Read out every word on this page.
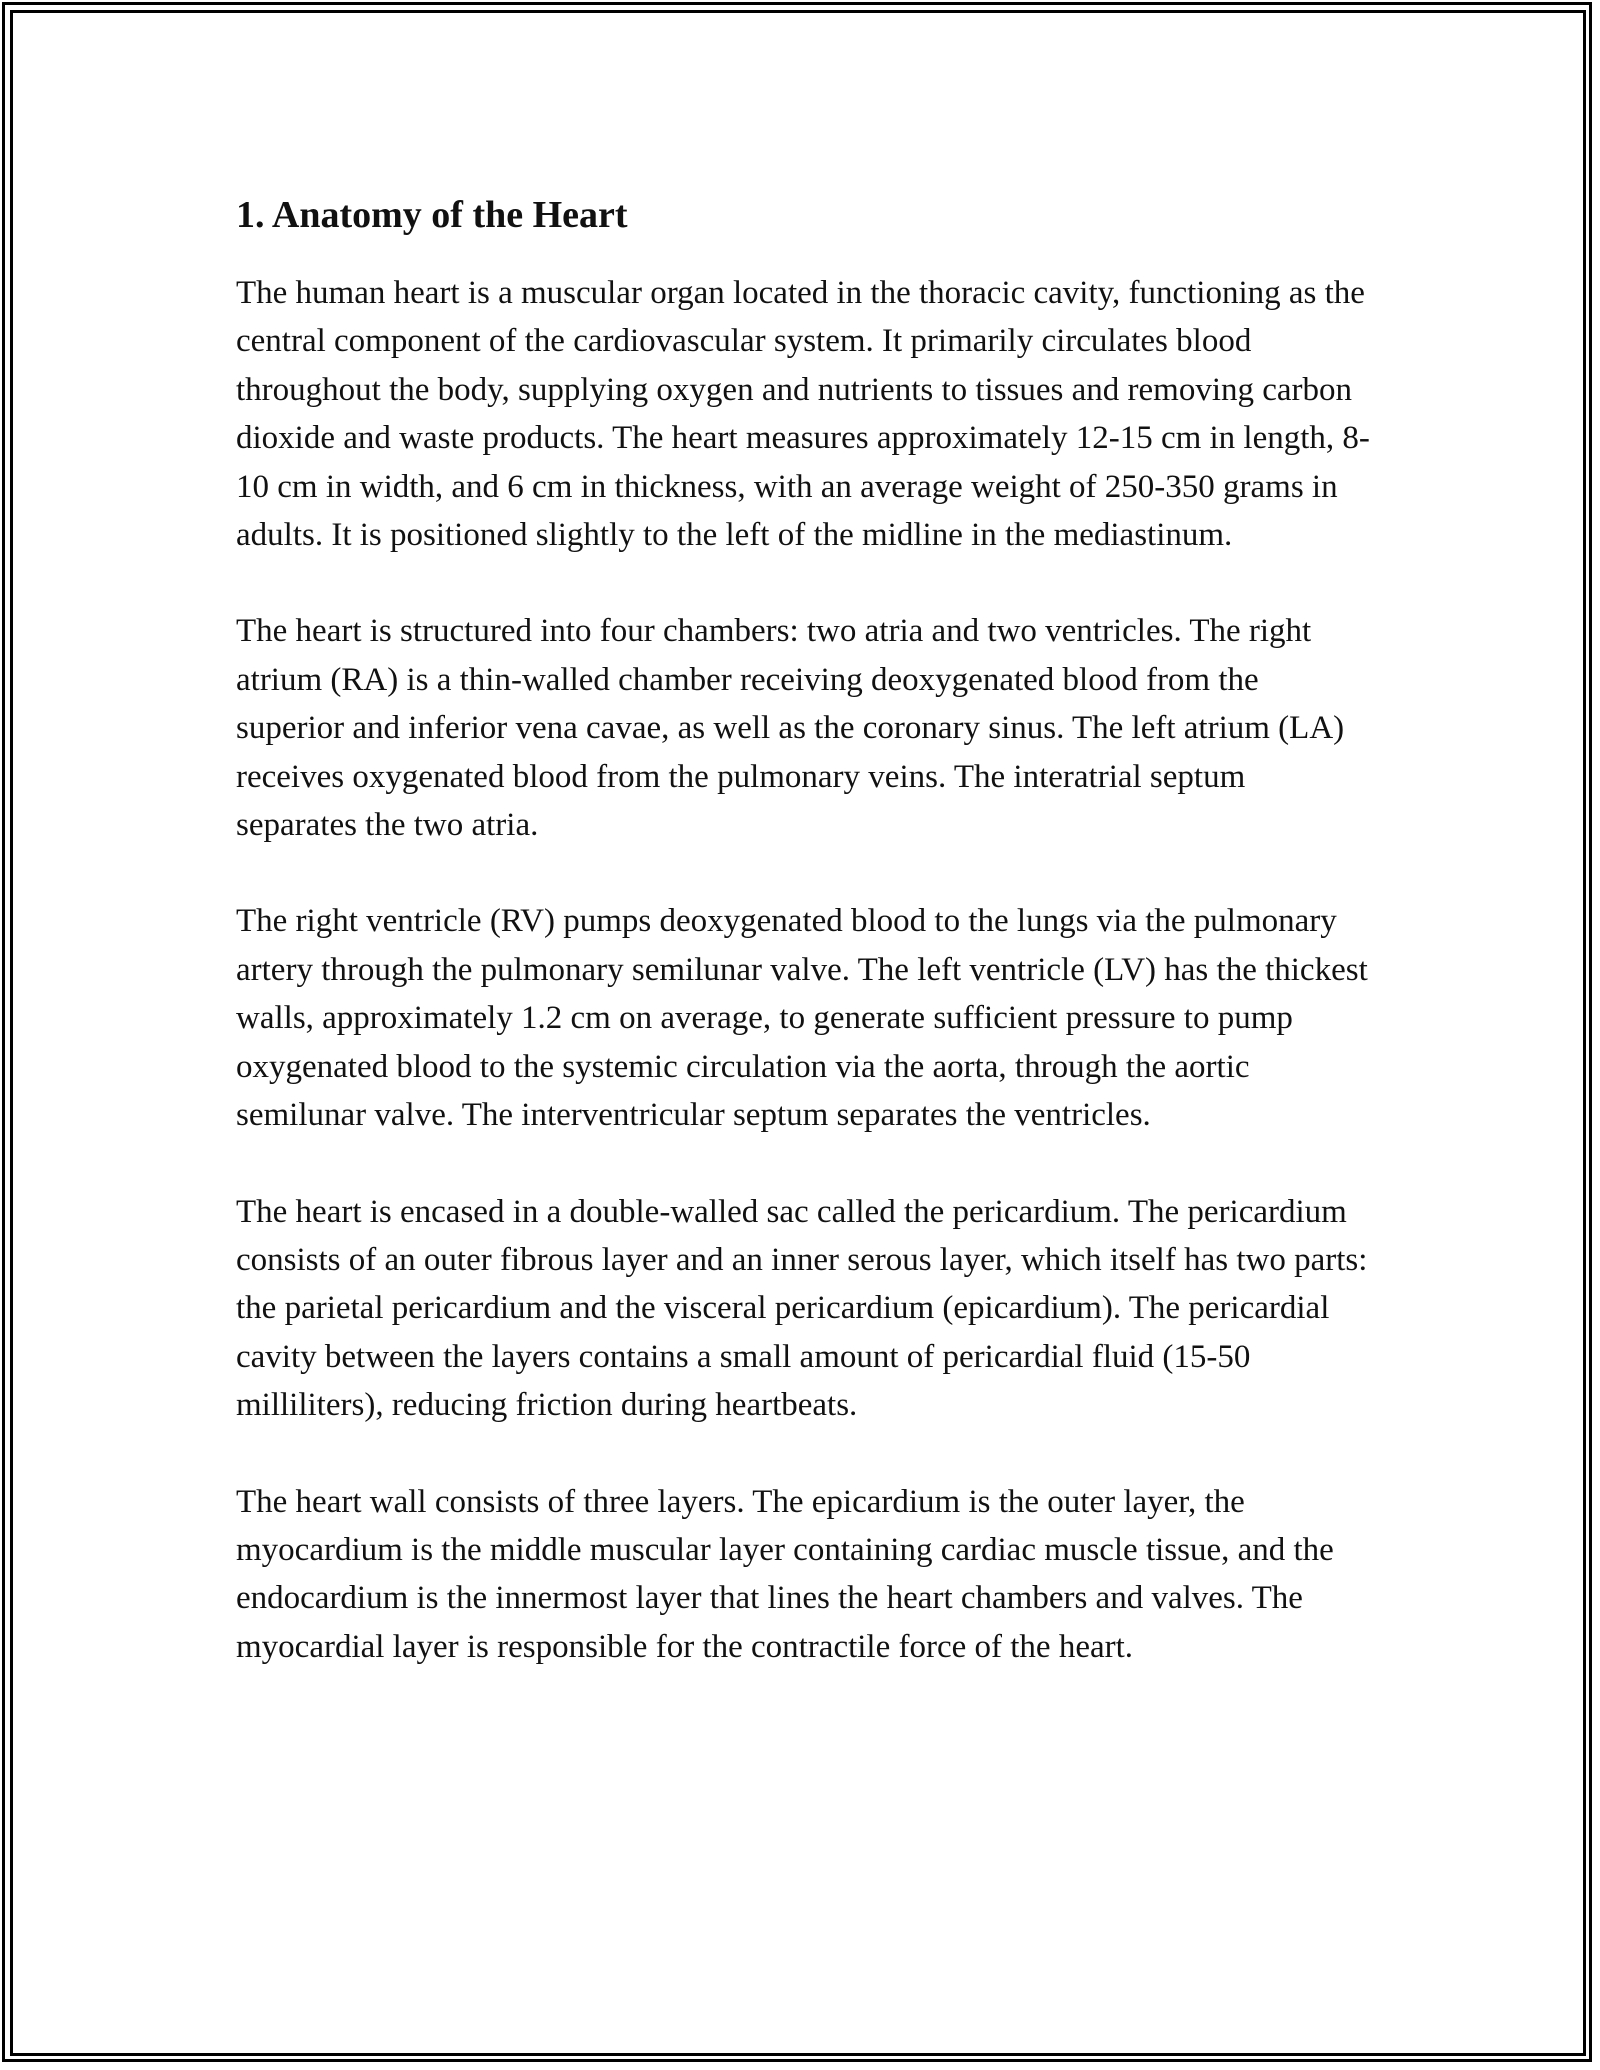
1. Anatomy of the Heart

The human heart is a muscular organ located in the thoracic cavity, functioning as the central component of the cardiovascular system. It primarily circulates blood throughout the body, supplying oxygen and nutrients to tissues and removing carbon dioxide and waste products. The heart measures approximately 12-15 cm in length, 8-10 cm in width, and 6 cm in thickness, with an average weight of 250-350 grams in adults. It is positioned slightly to the left of the midline in the mediastinum.

The heart is structured into four chambers: two atria and two ventricles. The right atrium (RA) is a thin-walled chamber receiving deoxygenated blood from the superior and inferior vena cavae, as well as the coronary sinus. The left atrium (LA) receives oxygenated blood from the pulmonary veins. The interatrial septum separates the two atria.

The right ventricle (RV) pumps deoxygenated blood to the lungs via the pulmonary artery through the pulmonary semilunar valve. The left ventricle (LV) has the thickest walls, approximately 1.2 cm on average, to generate sufficient pressure to pump oxygenated blood to the systemic circulation via the aorta, through the aortic semilunar valve. The interventricular septum separates the ventricles.

The heart is encased in a double-walled sac called the pericardium. The pericardium consists of an outer fibrous layer and an inner serous layer, which itself has two parts: the parietal pericardium and the visceral pericardium (epicardium). The pericardial cavity between the layers contains a small amount of pericardial fluid (15-50 milliliters), reducing friction during heartbeats.

The heart wall consists of three layers. The epicardium is the outer layer, the myocardium is the middle muscular layer containing cardiac muscle tissue, and the endocardium is the innermost layer that lines the heart chambers and valves. The myocardial layer is responsible for the contractile force of the heart.
